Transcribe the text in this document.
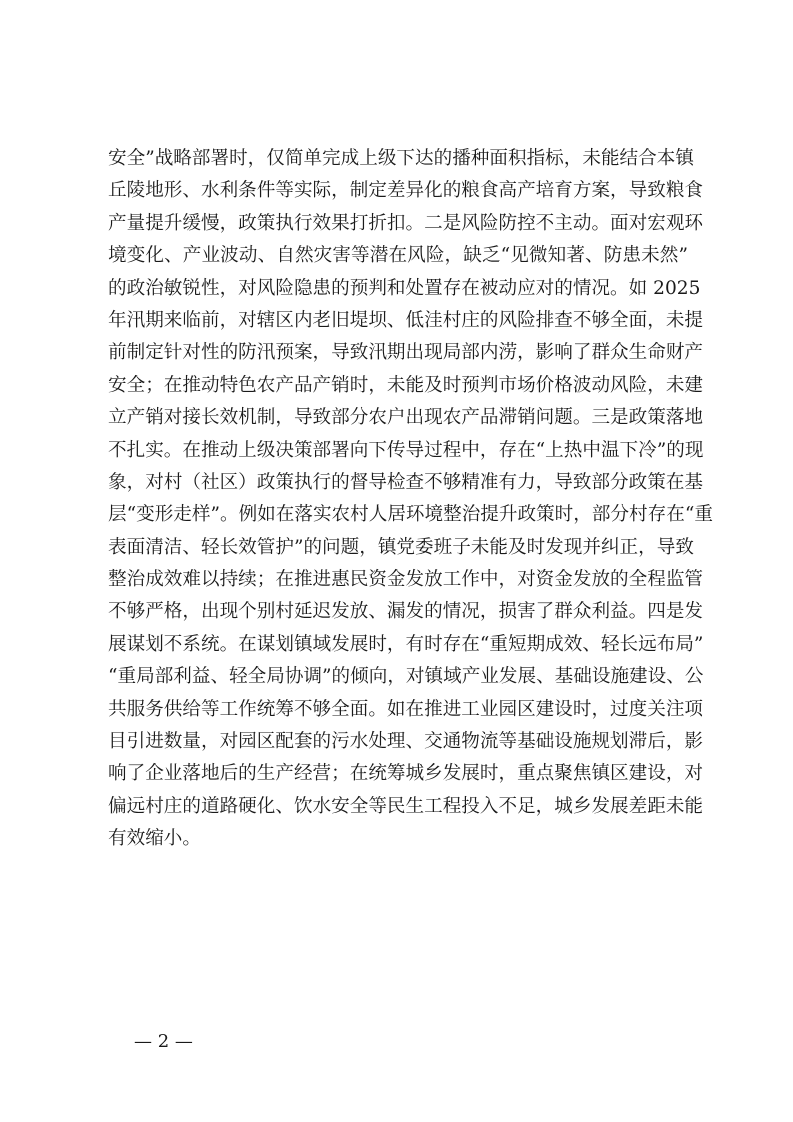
安全”战略部署时，仅简单完成上级下达的播种面积指标，未能结合本镇
丘陵地形、水利条件等实际，制定差异化的粮食高产培育方案，导致粮食
产量提升缓慢，政策执行效果打折扣。二是风险防控不主动。面对宏观环
境变化、产业波动、自然灾害等潜在风险，缺乏“见微知著、防患未然”
的政治敏锐性，对风险隐患的预判和处置存在被动应对的情况。如 2025
年汛期来临前，对辖区内老旧堤坝、低洼村庄的风险排查不够全面，未提
前制定针对性的防汛预案，导致汛期出现局部内涝，影响了群众生命财产
安全；在推动特色农产品产销时，未能及时预判市场价格波动风险，未建
立产销对接长效机制，导致部分农户出现农产品滞销问题。三是政策落地
不扎实。在推动上级决策部署向下传导过程中，存在“上热中温下冷”的现
象，对村（社区）政策执行的督导检查不够精准有力，导致部分政策在基
层“变形走样”。例如在落实农村人居环境整治提升政策时，部分村存在“重
表面清洁、轻长效管护”的问题，镇党委班子未能及时发现并纠正，导致
整治成效难以持续；在推进惠民资金发放工作中，对资金发放的全程监管
不够严格，出现个别村延迟发放、漏发的情况，损害了群众利益。四是发
展谋划不系统。在谋划镇域发展时，有时存在“重短期成效、轻长远布局”
“重局部利益、轻全局协调”的倾向，对镇域产业发展、基础设施建设、公
共服务供给等工作统筹不够全面。如在推进工业园区建设时，过度关注项
目引进数量，对园区配套的污水处理、交通物流等基础设施规划滞后，影
响了企业落地后的生产经营；在统筹城乡发展时，重点聚焦镇区建设，对
偏远村庄的道路硬化、饮水安全等民生工程投入不足，城乡发展差距未能
有效缩小。
— 2 —
